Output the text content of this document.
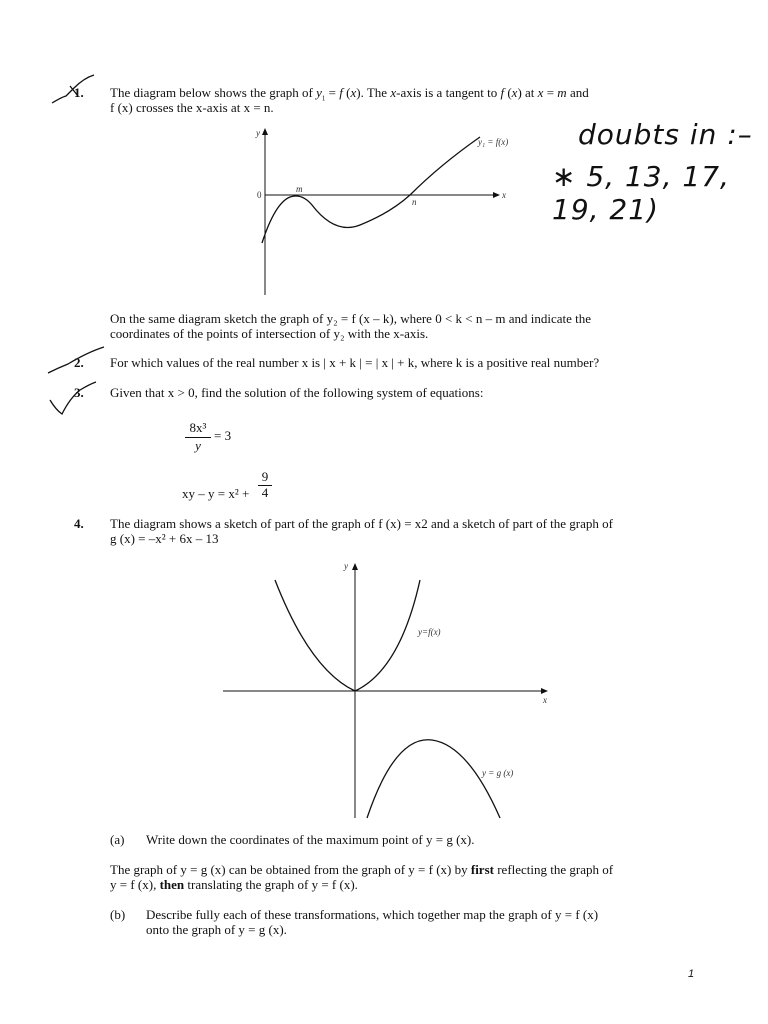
1. The diagram below shows the graph of $y_1 = f$ (x). The x-axis is a tangent to f (x) at x = m and
f (x) crosses the x-axis at x = n.
y
0
m
n
x
y₁ = f(x) doubts in :–
∗ 5, 13, 17, 19, 21)
On the same diagram sketch the graph of y₂ = f (x – k), where 0 < k < n – m and indicate the
coordinates of the points of intersection of y₂ with the x-axis.
2. For which values of the real number x is | x + k | = | x | + k, where k is a positive real number?
3. Given that x > 0, find the solution of the following system of equations:
8x³
y
= 3
xy – y = x² +
9
4
4. The diagram shows a sketch of part of the graph of f (x) = x2 and a sketch of part of the graph of
g (x) = –x² + 6x – 13
y
x
y=f(x)
y = g (x)
(a) Write down the coordinates of the maximum point of y = g (x).
The graph of y = g (x) can be obtained from the graph of y = f (x) by first reflecting the graph of
y = f (x), then translating the graph of y = f (x).
(b) Describe fully each of these transformations, which together map the graph of y = f (x)
onto the graph of y = g (x).
1
